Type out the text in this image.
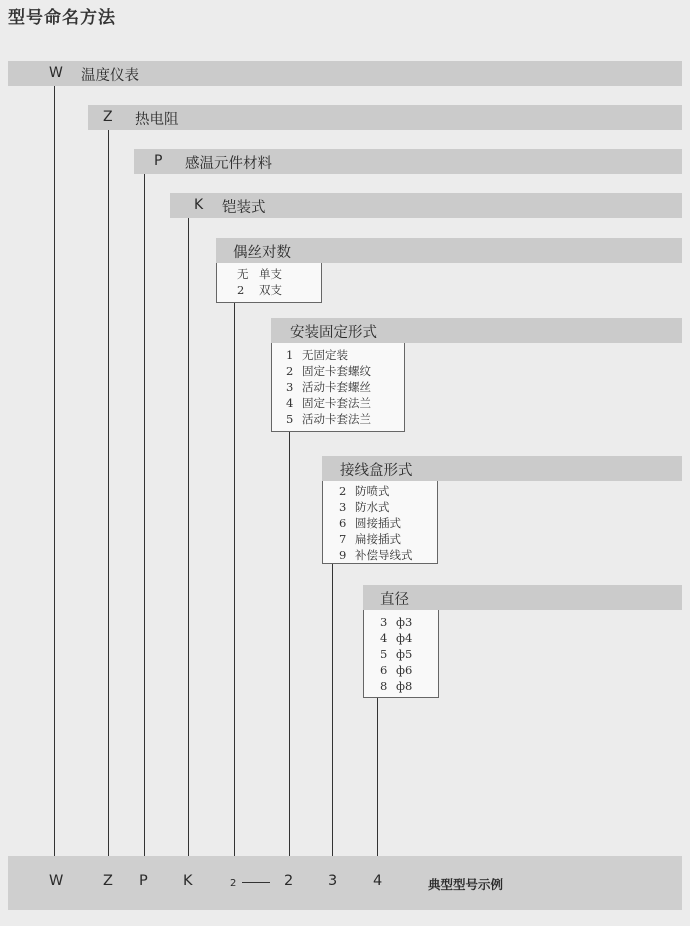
型号命名方法
W 温度仪表
Z 热电阻
P 感温元件材料
K 铠装式
偶丝对数
无 单支
2 双支
安装固定形式
1 无固定装
2 固定卡套螺纹
3 活动卡套螺丝
4 固定卡套法兰
5 活动卡套法兰
接线盒形式
2 防喷式
3 防水式
6 圆接插式
7 扁接插式
9 补偿导线式
直径
3 ф3
4 ф4
5 ф5
6 ф6
8 ф8
W	Z P K	2	2 3 4	典型型号示例
